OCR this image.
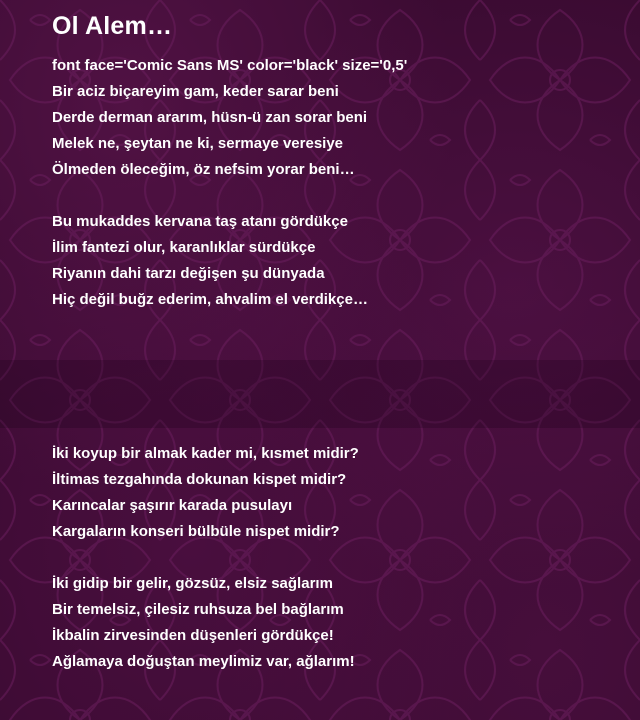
Ol Alem…
font face='Comic Sans MS' color='black' size='0,5'
Bir aciz biçareyim gam, keder sarar beni
Derde derman ararım, hüsn-ü zan sorar beni
Melek ne, şeytan ne ki, sermaye veresiye
Ölmeden öleceğim, öz nefsim yorar beni…
Bu mukaddes kervana taş atanı gördükçe
İlim fantezi olur, karanlıklar sürdükçe
Riyanın dahi tarzı değişen şu dünyada
Hiç değil buğz ederim, ahvalim el verdikçe…
İki koyup bir almak kader mi, kısmet midir?
İltimas tezgahında dokunan kispet midir?
Karıncalar şaşırır karada pusulayı
Kargaların konseri bülbüle nispet midir?
İki gidip bir gelir, gözsüz, elsiz sağlarım
Bir temelsiz, çilesiz ruhsuza bel bağlarım
İkbalin zirvesinden düşenleri gördükçe!
Ağlamaya doğuştan meylimiz var, ağlarım!
